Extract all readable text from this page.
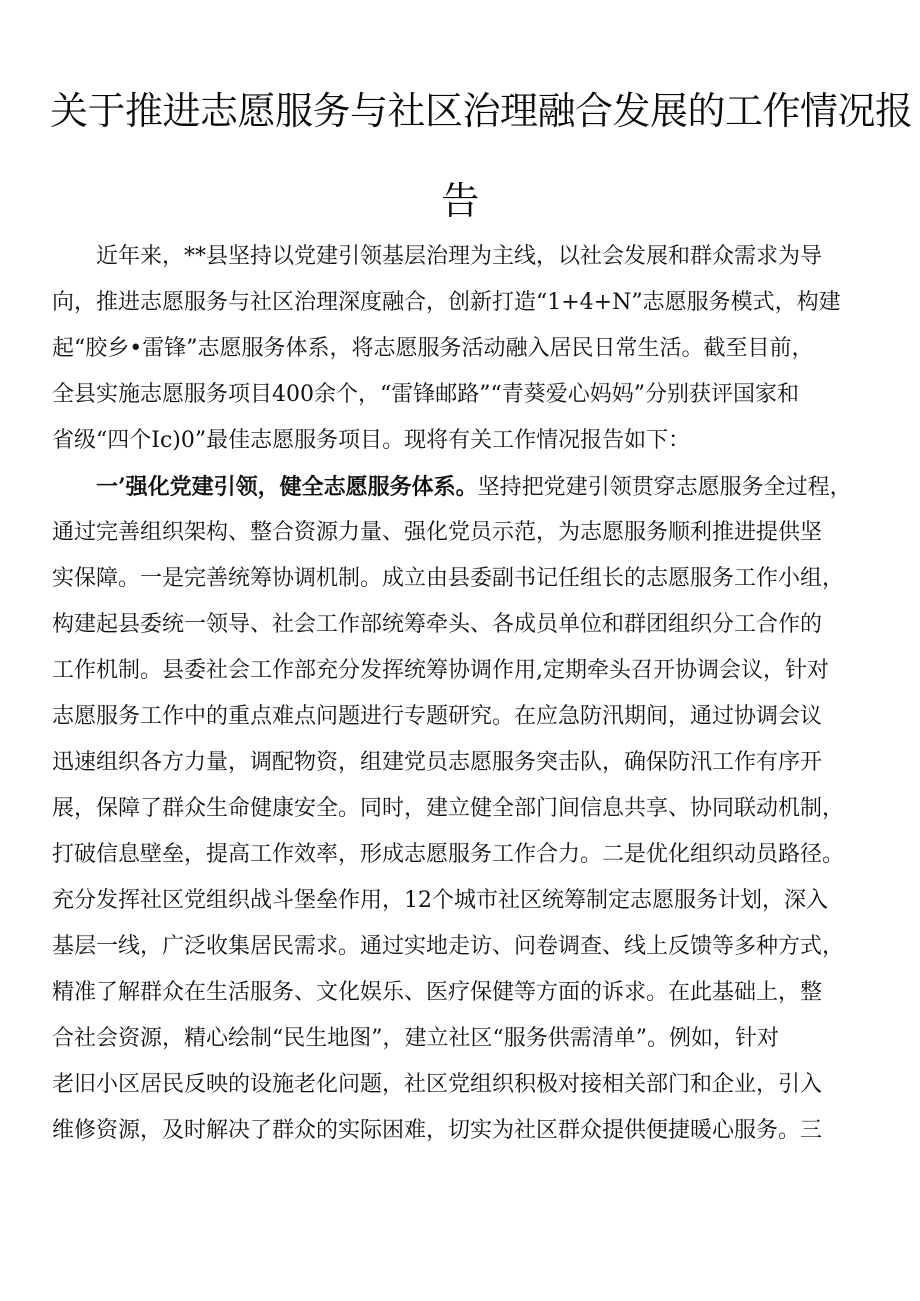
关于推进志愿服务与社区治理融合发展的工作情况报
告
　　近年来，**县坚持以党建引领基层治理为主线，以社会发展和群众需求为导
向，推进志愿服务与社区治理深度融合，创新打造“1+4+N”志愿服务模式，构建
起“胶乡•雷锋”志愿服务体系，将志愿服务活动融入居民日常生活。截至目前，
全县实施志愿服务项目400余个，“雷锋邮路”“青葵爱心妈妈”分别获评国家和
省级“四个Ic)0”最佳志愿服务项目。现将有关工作情况报告如下：
　　一’强化党建引领，健全志愿服务体系。坚持把党建引领贯穿志愿服务全过程，
通过完善组织架构、整合资源力量、强化党员示范，为志愿服务顺利推进提供坚
实保障。一是完善统筹协调机制。成立由县委副书记任组长的志愿服务工作小组，
构建起县委统一领导、社会工作部统筹牵头、各成员单位和群团组织分工合作的
工作机制。县委社会工作部充分发挥统筹协调作用,定期牵头召开协调会议，针对
志愿服务工作中的重点难点问题进行专题研究。在应急防汛期间，通过协调会议
迅速组织各方力量，调配物资，组建党员志愿服务突击队，确保防汛工作有序开
展，保障了群众生命健康安全。同时，建立健全部门间信息共享、协同联动机制，
打破信息壁垒，提高工作效率，形成志愿服务工作合力。二是优化组织动员路径。
充分发挥社区党组织战斗堡垒作用，12个城市社区统筹制定志愿服务计划，深入
基层一线，广泛收集居民需求。通过实地走访、问卷调查、线上反馈等多种方式，
精准了解群众在生活服务、文化娱乐、医疗保健等方面的诉求。在此基础上，整
合社会资源，精心绘制“民生地图”，建立社区“服务供需清单”。例如，针对
老旧小区居民反映的设施老化问题，社区党组织积极对接相关部门和企业，引入
维修资源，及时解决了群众的实际困难，切实为社区群众提供便捷暖心服务。三
